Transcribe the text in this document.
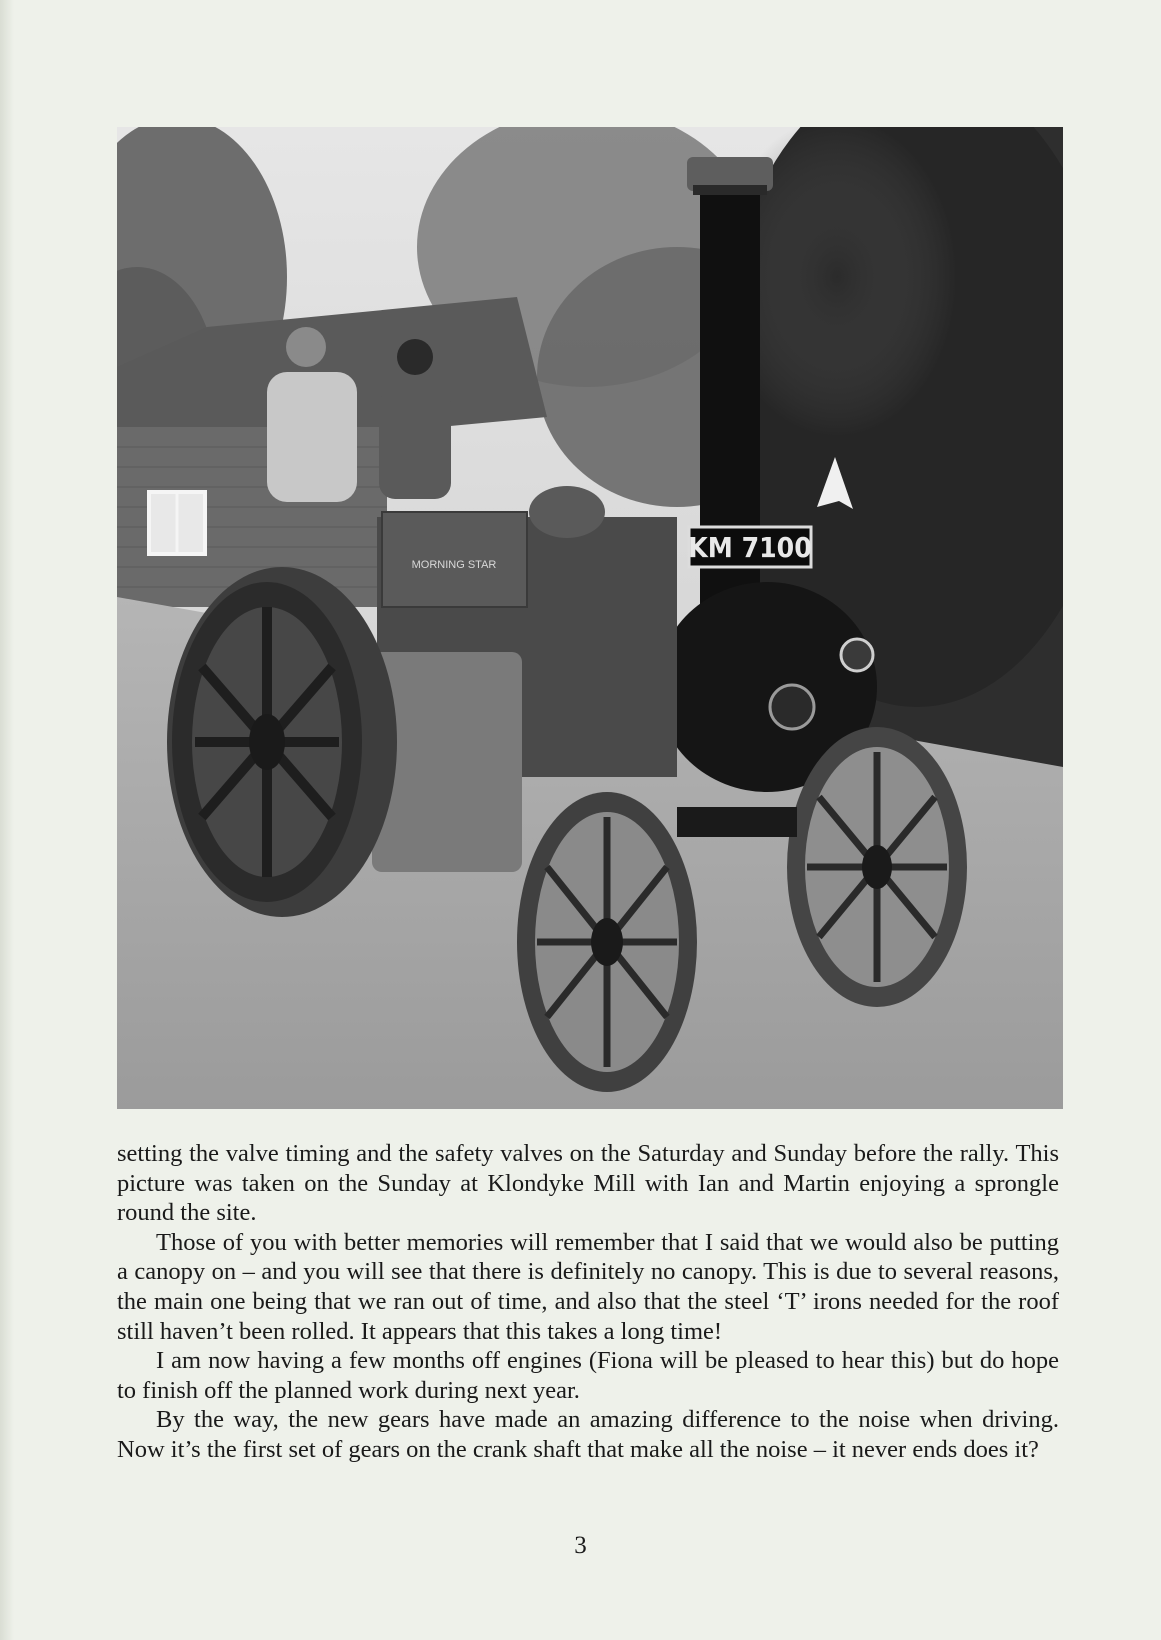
KM 7100
MORNING STAR

setting the valve timing and the safety valves on the Saturday and Sunday before the rally. This picture was taken on the Sunday at Klondyke Mill with Ian and Martin enjoying a sprongle round the site.

Those of you with better memories will remember that I said that we would also be putting a canopy on – and you will see that there is definitely no canopy. This is due to several reasons, the main one being that we ran out of time, and also that the steel ‘T’ irons needed for the roof still haven’t been rolled. It appears that this takes a long time!

I am now having a few months off engines (Fiona will be pleased to hear this) but do hope to finish off the planned work during next year.

By the way, the new gears have made an amazing difference to the noise when driving. Now it’s the first set of gears on the crank shaft that make all the noise – it never ends does it?

3
